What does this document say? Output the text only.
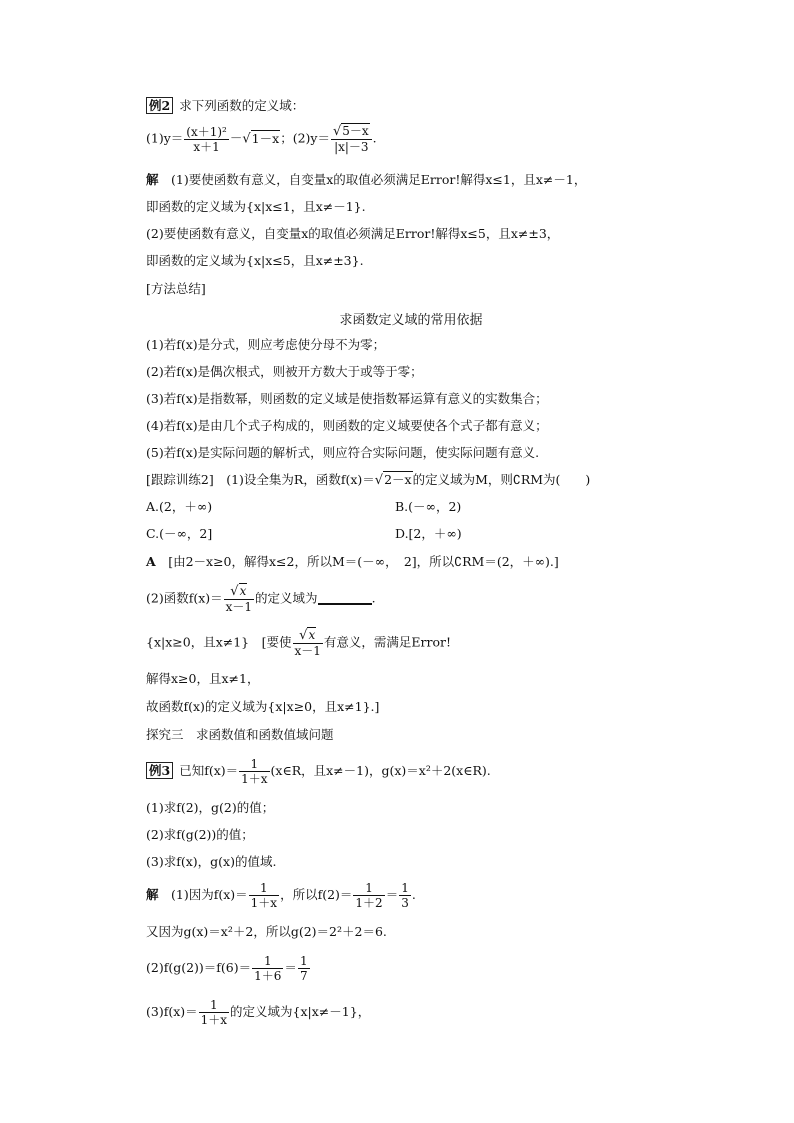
例2 求下列函数的定义域：
$(1)y= \frac{\text{(x＋1)²}}{x+1} -√1-x$；$(2)y= \frac{√5-x}{|x|-3}$ .
解　 (1)要使函数有意义，自变量x的取值必须满足Error!解得x≤1，且x≠－1，
即函数的定义域为{x|x≤1，且x≠－1}.
(2)要使函数有意义，自变量x的取值必须满足Error!解得x≤5，且x≠±3，
即函数的定义域为{x|x≤5，且x≠±3}.
[方法总结]
求函数定义域的常用依据
(1)若f(x)是分式，则应考虑使分母不为零；
(2)若f(x)是偶次根式，则被开方数大于或等于零；
(3)若f(x)是指数幂，则函数的定义域是使指数幂运算有意义的实数集合；
(4)若f(x)是由几个式子构成的，则函数的定义域要使各个式子都有意义；
(5)若f(x)是实际问题的解析式，则应符合实际问题，使实际问题有意义.
[跟踪训练2]　(1)设全集为R，函数f(x)＝√2－x的定义域为M，则∁RM为(　　)
A.(2，＋∞)	B.(－∞，2)
C.(－∞，2]	D.[2，＋∞)
A　[由2－x≥0，解得x≤2，所以M＝(－∞，　2]，所以∁RM＝(2，＋∞).]
(2)函数$f(x)= \frac{√x}{x-1}$ 的定义域为	.
{x|x≥0，且x≠1}　[要使 $\frac{√x}{x-1}$ 有意义，需满足Error!
解得x≥0，且x≠1，
故函数f(x)的定义域为{x|x≥0，且x≠1}.]
探究三　求函数值和函数值域问题
例3 已知$f(x)= \frac{1}{1+x}$ (x∈R，且x≠－1)，g(x)＝x²＋2(x∈R).
(1)求f(2)，g(2)的值；
(2)求f(g(2))的值；
(3)求f(x)，g(x)的值域.
解　(1)因为$f(x)= \frac{1}{1+x}$ ，所以$f(2)= \frac{1}{1+2} = \frac{1}{3}$ .
又因为g(x)＝x²＋2，所以g(2)＝2²＋2＝6.
$(2)f(g(2))=f(6)= \frac{1}{1+6} = \frac{1}{7}$
$(3)f(x)= \frac{1}{1+x}$ 的定义域为{x|x≠－1}，
